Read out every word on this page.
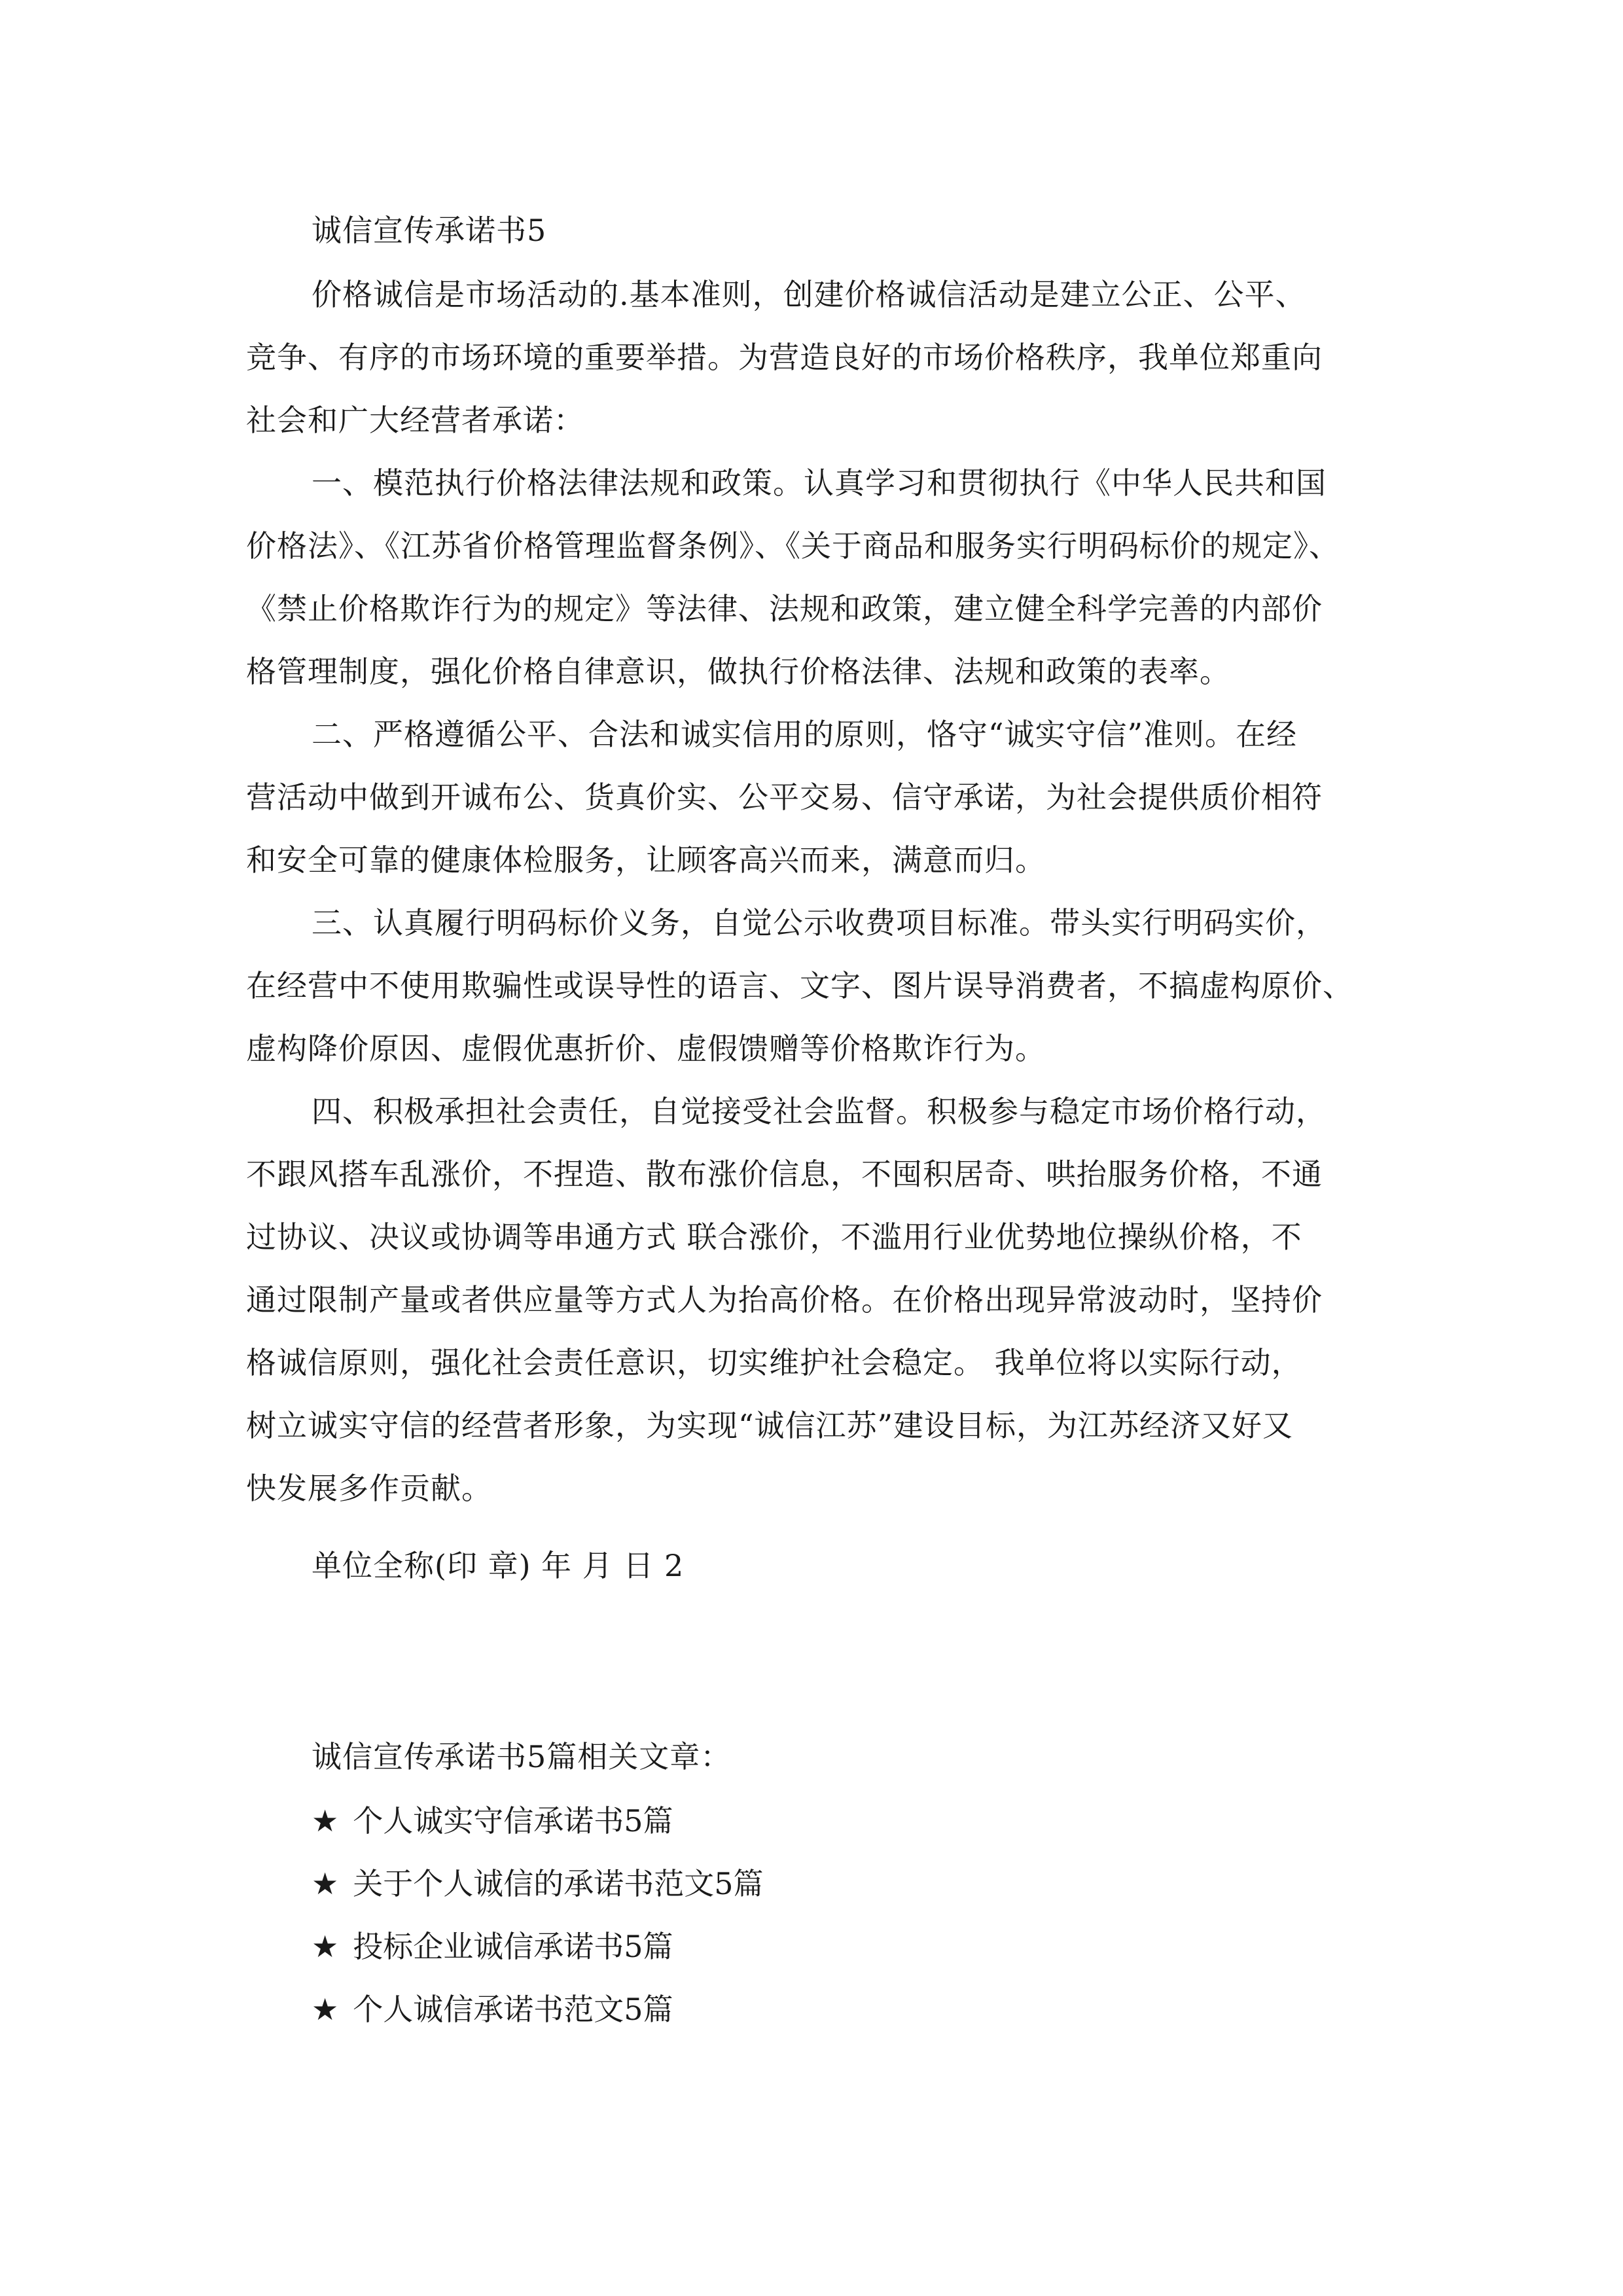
诚信宣传承诺书5
价格诚信是市场活动的.基本准则，创建价格诚信活动是建立公正、公平、
竞争、有序的市场环境的重要举措。为营造良好的市场价格秩序，我单位郑重向
社会和广大经营者承诺：
一、模范执行价格法律法规和政策。认真学习和贯彻执行《中华人民共和国
价格法》、《江苏省价格管理监督条例》、《关于商品和服务实行明码标价的规定》、
《禁止价格欺诈行为的规定》等法律、法规和政策，建立健全科学完善的内部价
格管理制度，强化价格自律意识，做执行价格法律、法规和政策的表率。
二、严格遵循公平、合法和诚实信用的原则，恪守“诚实守信”准则。在经
营活动中做到开诚布公、货真价实、公平交易、信守承诺，为社会提供质价相符
和安全可靠的健康体检服务，让顾客高兴而来，满意而归。
三、认真履行明码标价义务，自觉公示收费项目标准。带头实行明码实价，
在经营中不使用欺骗性或误导性的语言、文字、图片误导消费者，不搞虚构原价、
虚构降价原因、虚假优惠折价、虚假馈赠等价格欺诈行为。
四、积极承担社会责任，自觉接受社会监督。积极参与稳定市场价格行动，
不跟风搭车乱涨价，不捏造、散布涨价信息，不囤积居奇、哄抬服务价格，不通
过协议、决议或协调等串通方式 联合涨价，不滥用行业优势地位操纵价格，不
通过限制产量或者供应量等方式人为抬高价格。在价格出现异常波动时，坚持价
格诚信原则，强化社会责任意识，切实维护社会稳定。 我单位将以实际行动，
树立诚实守信的经营者形象，为实现“诚信江苏”建设目标，为江苏经济又好又
快发展多作贡献。
单位全称(印 章) 年 月 日 2
诚信宣传承诺书5篇相关文章：
★ 个人诚实守信承诺书5篇
★ 关于个人诚信的承诺书范文5篇
★ 投标企业诚信承诺书5篇
★ 个人诚信承诺书范文5篇
